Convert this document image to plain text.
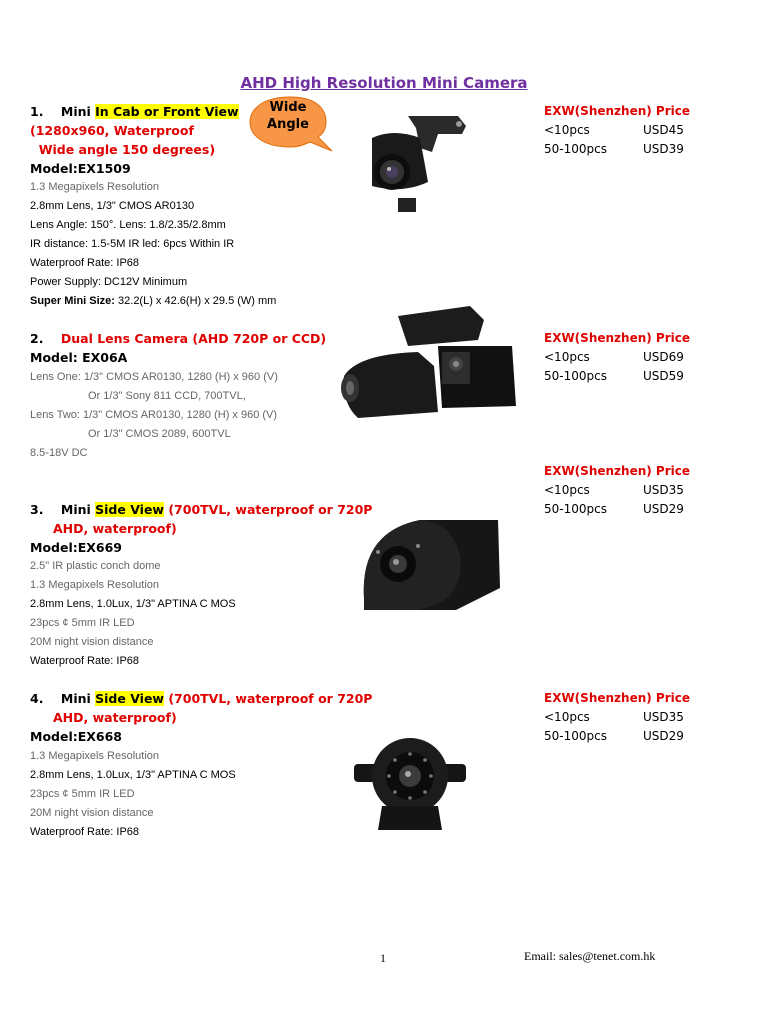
AHD High Resolution Mini Camera
Wide
Angle
1. Mini In Cab or Front View
(1280x960, Waterproof
Wide angle 150 degrees)
Model:EX1509
1.3 Megapixels Resolution
2.8mm Lens, 1/3" CMOS AR0130
Lens Angle: 150°. Lens: 1.8/2.35/2.8mm
IR distance: 1.5-5M IR led: 6pcs Within IR
Waterproof Rate: IP68
Power Supply: DC12V Minimum
Super Mini Size: 32.2(L) x 42.6(H) x 29.5 (W) mm
EXW(Shenzhen) Price
<10pcs	USD45
50-100pcs	USD39
2. Dual Lens Camera (AHD 720P or CCD)
Model: EX06A
Lens One: 1/3" CMOS AR0130, 1280 (H) x 960 (V)
Or 1/3" Sony 811 CCD, 700TVL,
Lens Two: 1/3" CMOS AR0130, 1280 (H) x 960 (V)
Or 1/3" CMOS 2089, 600TVL
8.5-18V DC
EXW(Shenzhen) Price
<10pcs	USD69
50-100pcs	USD59
EXW(Shenzhen) Price
<10pcs	USD35
50-100pcs	USD29
3. Mini Side View (700TVL, waterproof or 720P
AHD, waterproof)
Model:EX669
2.5" IR plastic conch dome
1.3 Megapixels Resolution
2.8mm Lens, 1.0Lux, 1/3" APTINA C MOS
23pcs ¢ 5mm IR LED
20M night vision distance
Waterproof Rate: IP68
4. Mini Side View (700TVL, waterproof or 720P
AHD, waterproof)
Model:EX668
1.3 Megapixels Resolution
2.8mm Lens, 1.0Lux, 1/3" APTINA C MOS
23pcs ¢ 5mm IR LED
20M night vision distance
Waterproof Rate: IP68
EXW(Shenzhen) Price
<10pcs	USD35
50-100pcs	USD29
1	Email: sales@tenet.com.hk
